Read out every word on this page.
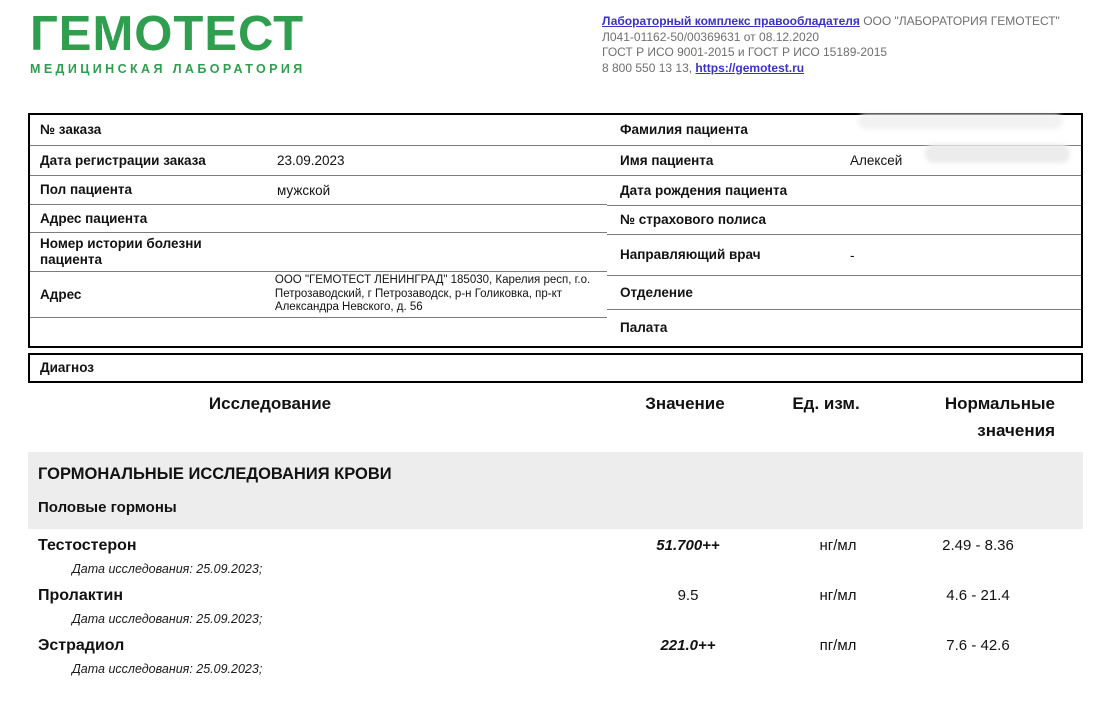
ГЕМОТЕСТ
МЕДИЦИНСКАЯ ЛАБОРАТОРИЯ
Лабораторный комплекс правообладателя ООО "ЛАБОРАТОРИЯ ГЕМОТЕСТ"
Л041-01162-50/00369631 от 08.12.2020
ГОСТ Р ИСО 9001-2015 и ГОСТ Р ИСО 15189-2015
8 800 550 13 13, https://gemotest.ru
№ заказа
Дата регистрации заказа	23.09.2023
Пол пациента	мужской
Адрес пациента
Номер истории болезни пациента
Адрес
ООО "ГЕМОТЕСТ ЛЕНИНГРАД" 185030, Карелия респ, г.о. Петрозаводский, г Петрозаводск, р-н Голиковка, пр-кт Александра Невского, д. 56
Фамилия пациента
Имя пациента	Алексей
Дата рождения пациента
№ страхового полиса
Направляющий врач	-
Отделение
Палата
Диагноз
Исследование	Значение	Ед. изм.	Нормальные значения
ГОРМОНАЛЬНЫЕ ИССЛЕДОВАНИЯ КРОВИ
Половые гормоны
Тестостерон	51.700++	нг/мл	2.49 - 8.36
Дата исследования: 25.09.2023;
Пролактин	9.5	нг/мл	4.6 - 21.4
Дата исследования: 25.09.2023;
Эстрадиол	221.0++	пг/мл	7.6 - 42.6
Дата исследования: 25.09.2023;
